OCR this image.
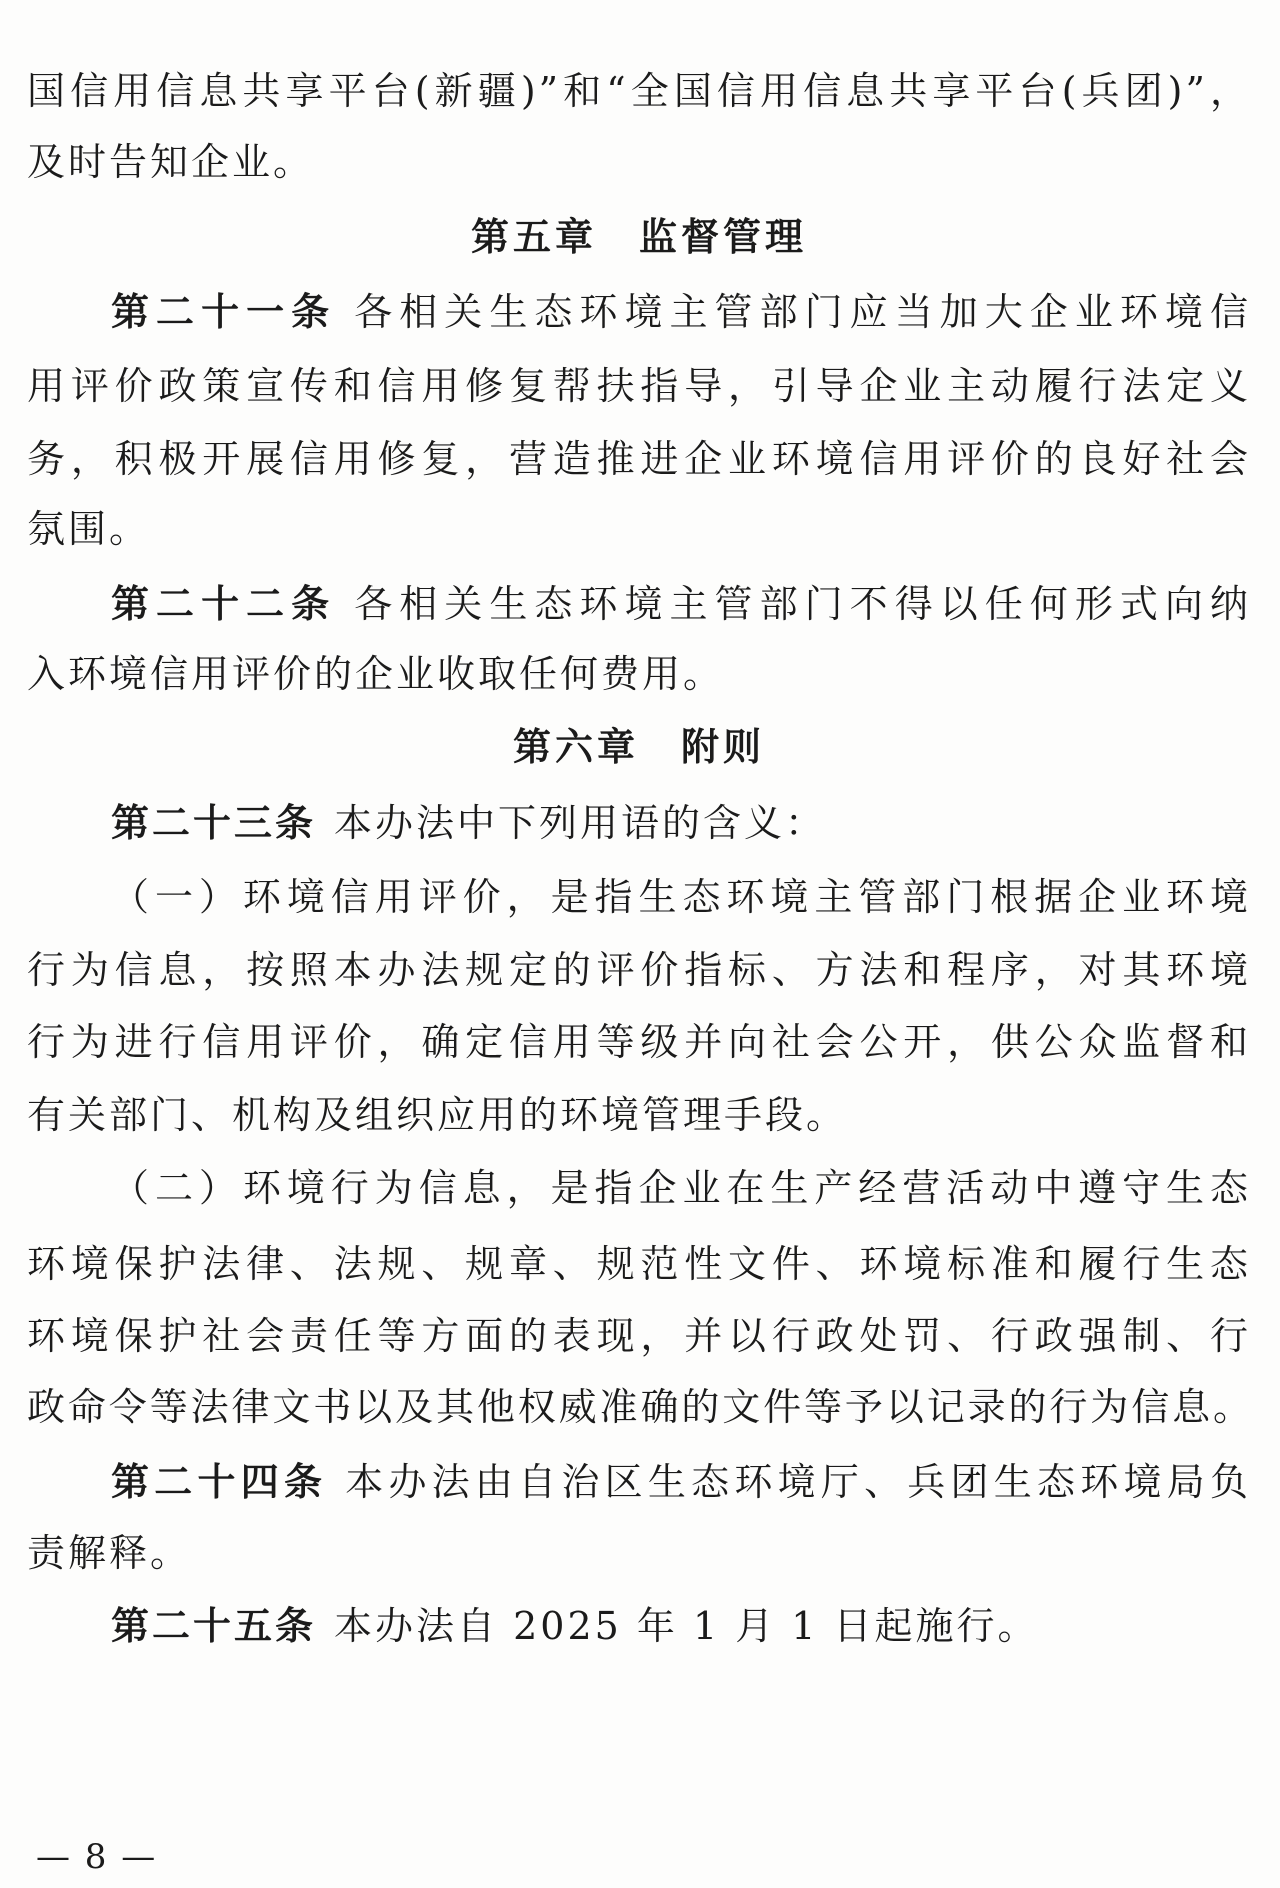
国信用信息共享平台(新疆)”和“全国信用信息共享平台(兵团)”，
及时告知企业。
第五章　监督管理
第二十一条 各相关生态环境主管部门应当加大企业环境信
用评价政策宣传和信用修复帮扶指导，引导企业主动履行法定义
务，积极开展信用修复，营造推进企业环境信用评价的良好社会
氛围。
第二十二条 各相关生态环境主管部门不得以任何形式向纳
入环境信用评价的企业收取任何费用。
第六章　附则
第二十三条 本办法中下列用语的含义：
（一）环境信用评价，是指生态环境主管部门根据企业环境
行为信息，按照本办法规定的评价指标、方法和程序，对其环境
行为进行信用评价，确定信用等级并向社会公开，供公众监督和
有关部门、机构及组织应用的环境管理手段。
（二）环境行为信息，是指企业在生产经营活动中遵守生态
环境保护法律、法规、规章、规范性文件、环境标准和履行生态
环境保护社会责任等方面的表现，并以行政处罚、行政强制、行
政命令等法律文书以及其他权威准确的文件等予以记录的行为信息。
第二十四条 本办法由自治区生态环境厅、兵团生态环境局负
责解释。
第二十五条 本办法自 2025 年 1 月 1 日起施行。
— 8 —
